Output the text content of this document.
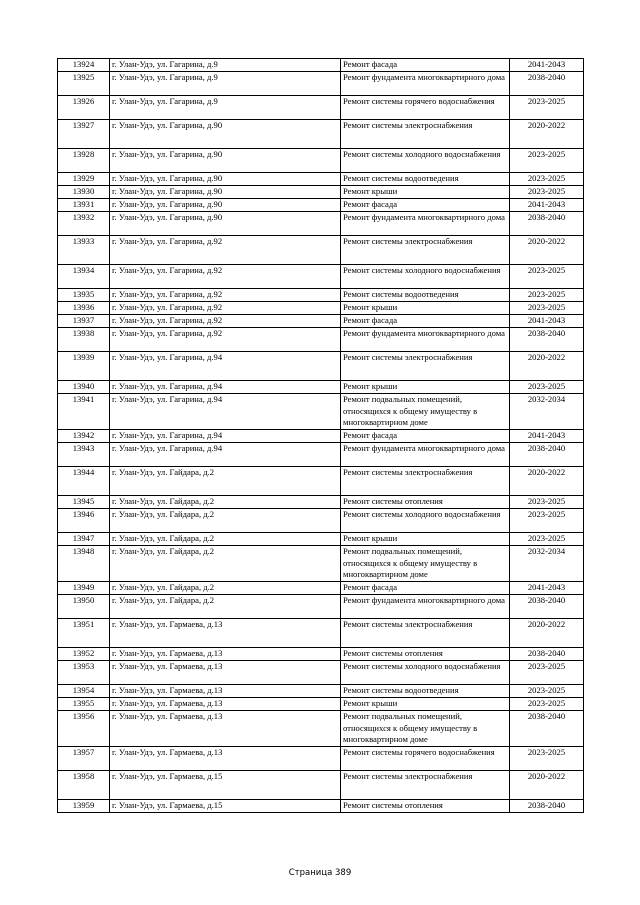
13924	г. Улан-Удэ, ул. Гагарина, д.9	Ремонт фасада	2041-2043
13925	г. Улан-Удэ, ул. Гагарина, д.9	Ремонт фундамента многоквартирного дома	2038-2040
13926	г. Улан-Удэ, ул. Гагарина, д.9	Ремонт системы горячего водоснабжения	2023-2025
13927	г. Улан-Удэ, ул. Гагарина, д.90	Ремонт системы электроснабжения	2020-2022
13928	г. Улан-Удэ, ул. Гагарина, д.90	Ремонт системы холодного водоснабжения	2023-2025
13929	г. Улан-Удэ, ул. Гагарина, д.90	Ремонт системы водоотведения	2023-2025
13930	г. Улан-Удэ, ул. Гагарина, д.90	Ремонт крыши	2023-2025
13931	г. Улан-Удэ, ул. Гагарина, д.90	Ремонт фасада	2041-2043
13932	г. Улан-Удэ, ул. Гагарина, д.90	Ремонт фундамента многоквартирного дома	2038-2040
13933	г. Улан-Удэ, ул. Гагарина, д.92	Ремонт системы электроснабжения	2020-2022
13934	г. Улан-Удэ, ул. Гагарина, д.92	Ремонт системы холодного водоснабжения	2023-2025
13935	г. Улан-Удэ, ул. Гагарина, д.92	Ремонт системы водоотведения	2023-2025
13936	г. Улан-Удэ, ул. Гагарина, д.92	Ремонт крыши	2023-2025
13937	г. Улан-Удэ, ул. Гагарина, д.92	Ремонт фасада	2041-2043
13938	г. Улан-Удэ, ул. Гагарина, д.92	Ремонт фундамента многоквартирного дома	2038-2040
13939	г. Улан-Удэ, ул. Гагарина, д.94	Ремонт системы электроснабжения	2020-2022
13940	г. Улан-Удэ, ул. Гагарина, д.94	Ремонт крыши	2023-2025
13941	г. Улан-Удэ, ул. Гагарина, д.94	Ремонт подвальных помещений, относящихся к общему имуществу в многоквартирном доме	2032-2034
13942	г. Улан-Удэ, ул. Гагарина, д.94	Ремонт фасада	2041-2043
13943	г. Улан-Удэ, ул. Гагарина, д.94	Ремонт фундамента многоквартирного дома	2038-2040
13944	г. Улан-Удэ, ул. Гайдара, д.2	Ремонт системы электроснабжения	2020-2022
13945	г. Улан-Удэ, ул. Гайдара, д.2	Ремонт системы отопления	2023-2025
13946	г. Улан-Удэ, ул. Гайдара, д.2	Ремонт системы холодного водоснабжения	2023-2025
13947	г. Улан-Удэ, ул. Гайдара, д.2	Ремонт крыши	2023-2025
13948	г. Улан-Удэ, ул. Гайдара, д.2	Ремонт подвальных помещений, относящихся к общему имуществу в многоквартирном доме	2032-2034
13949	г. Улан-Удэ, ул. Гайдара, д.2	Ремонт фасада	2041-2043
13950	г. Улан-Удэ, ул. Гайдара, д.2	Ремонт фундамента многоквартирного дома	2038-2040
13951	г. Улан-Удэ, ул. Гармаева, д.13	Ремонт системы электроснабжения	2020-2022
13952	г. Улан-Удэ, ул. Гармаева, д.13	Ремонт системы отопления	2038-2040
13953	г. Улан-Удэ, ул. Гармаева, д.13	Ремонт системы холодного водоснабжения	2023-2025
13954	г. Улан-Удэ, ул. Гармаева, д.13	Ремонт системы водоотведения	2023-2025
13955	г. Улан-Удэ, ул. Гармаева, д.13	Ремонт крыши	2023-2025
13956	г. Улан-Удэ, ул. Гармаева, д.13	Ремонт подвальных помещений, относящихся к общему имуществу в многоквартирном доме	2038-2040
13957	г. Улан-Удэ, ул. Гармаева, д.13	Ремонт системы горячего водоснабжения	2023-2025
13958	г. Улан-Удэ, ул. Гармаева, д.15	Ремонт системы электроснабжения	2020-2022
13959	г. Улан-Удэ, ул. Гармаева, д.15	Ремонт системы отопления	2038-2040
Страница 389
